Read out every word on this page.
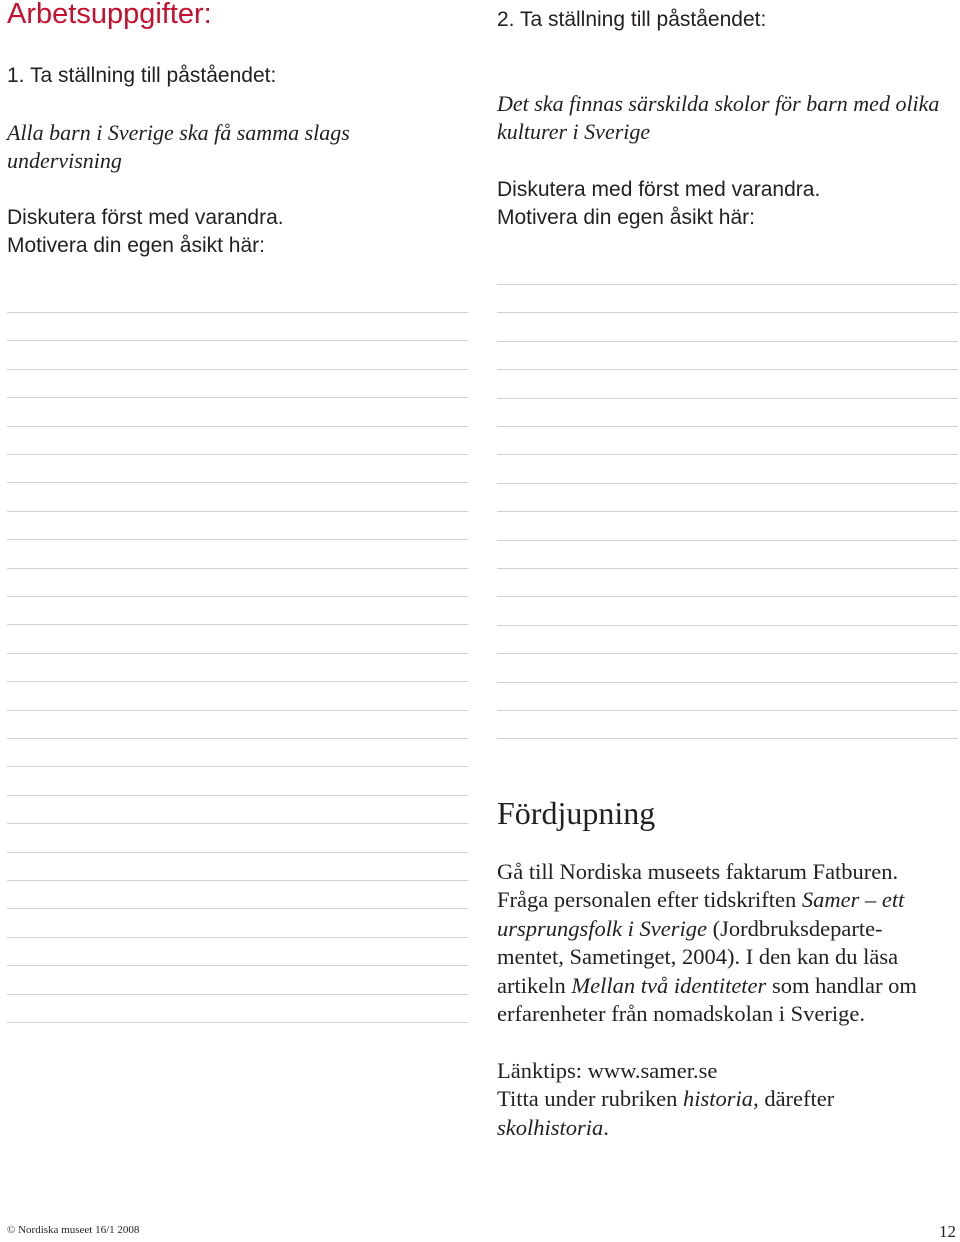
Arbetsuppgifter:
1. Ta ställning till påståendet:
Alla barn i Sverige ska få samma slags
undervisning
Diskutera först med varandra.
Motivera din egen åsikt här:
2. Ta ställning till påståendet:
Det ska finnas särskilda skolor för barn med olika
kulturer i Sverige
Diskutera med först med varandra.
Motivera din egen åsikt här:
Fördjupning

Gå till Nordiska museets faktarum Fatburen.

Fråga personalen efter tidskriften Samer – ett

ursprungsfolk i Sverige (Jordbruksdeparte-

mentet, Sametinget, 2004). I den kan du läsa

artikeln Mellan två identiteter som handlar om

erfarenheter från nomadskolan i Sverige.

Länktips: www.samer.se

Titta under rubriken historia, därefter

skolhistoria.

© Nordiska museet 16/1 2008	12
